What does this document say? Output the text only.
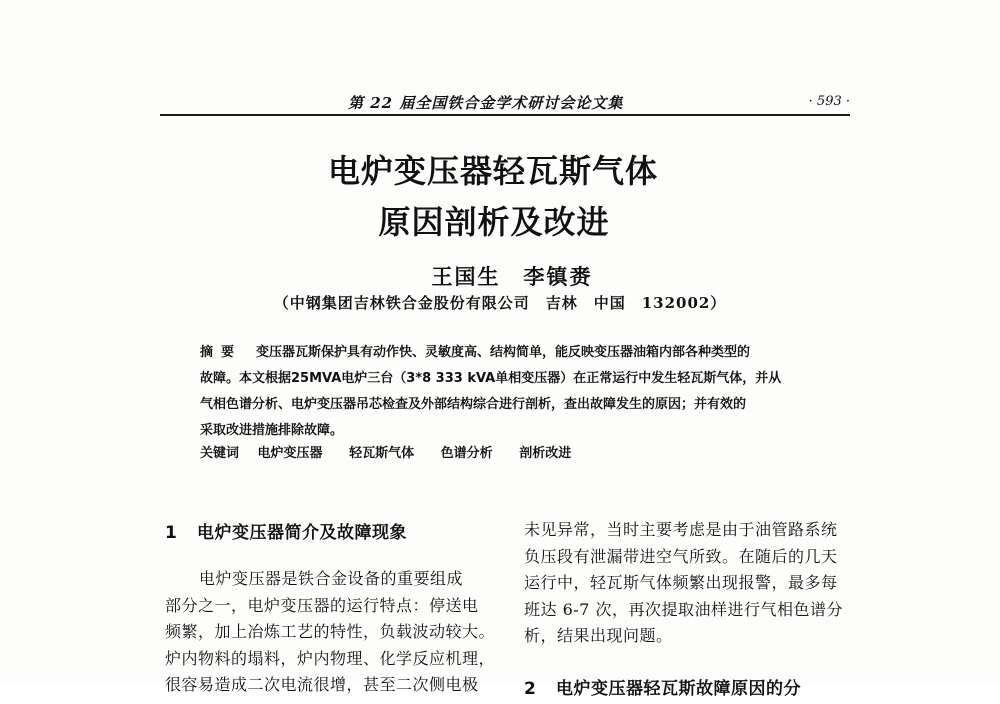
第 22 届全国铁合金学术研讨会论文集	· 593 ·
电炉变压器轻瓦斯气体
原因剖析及改进
王国生　李镇赉
（中钢集团吉林铁合金股份有限公司　吉林　中国　132002）
摘要 变压器瓦斯保护具有动作快、灵敏度高、结构简单，能反映变压器油箱内部各种类型的
故障。本文根据25MVA电炉三台（3*8 333 kVA单相变压器）在正常运行中发生轻瓦斯气体，并从
气相色谱分析、电炉变压器吊芯检查及外部结构综合进行剖析，查出故障发生的原因；并有效的
采取改进措施排除故障。
关键词 电炉变压器 轻瓦斯气体 色谱分析 剖析改进
1 电炉变压器简介及故障现象
电炉变压器是铁合金设备的重要组成
部分之一，电炉变压器的运行特点：停送电
频繁，加上冶炼工艺的特性，负载波动较大。
炉内物料的塌料，炉内物理、化学反应机理，
很容易造成二次电流很增，甚至二次侧电极
未见异常，当时主要考虑是由于油管路系统
负压段有泄漏带进空气所致。在随后的几天
运行中，轻瓦斯气体频繁出现报警，最多每
班达 6-7 次，再次提取油样进行气相色谱分
析，结果出现问题。
2 电炉变压器轻瓦斯故障原因的分
